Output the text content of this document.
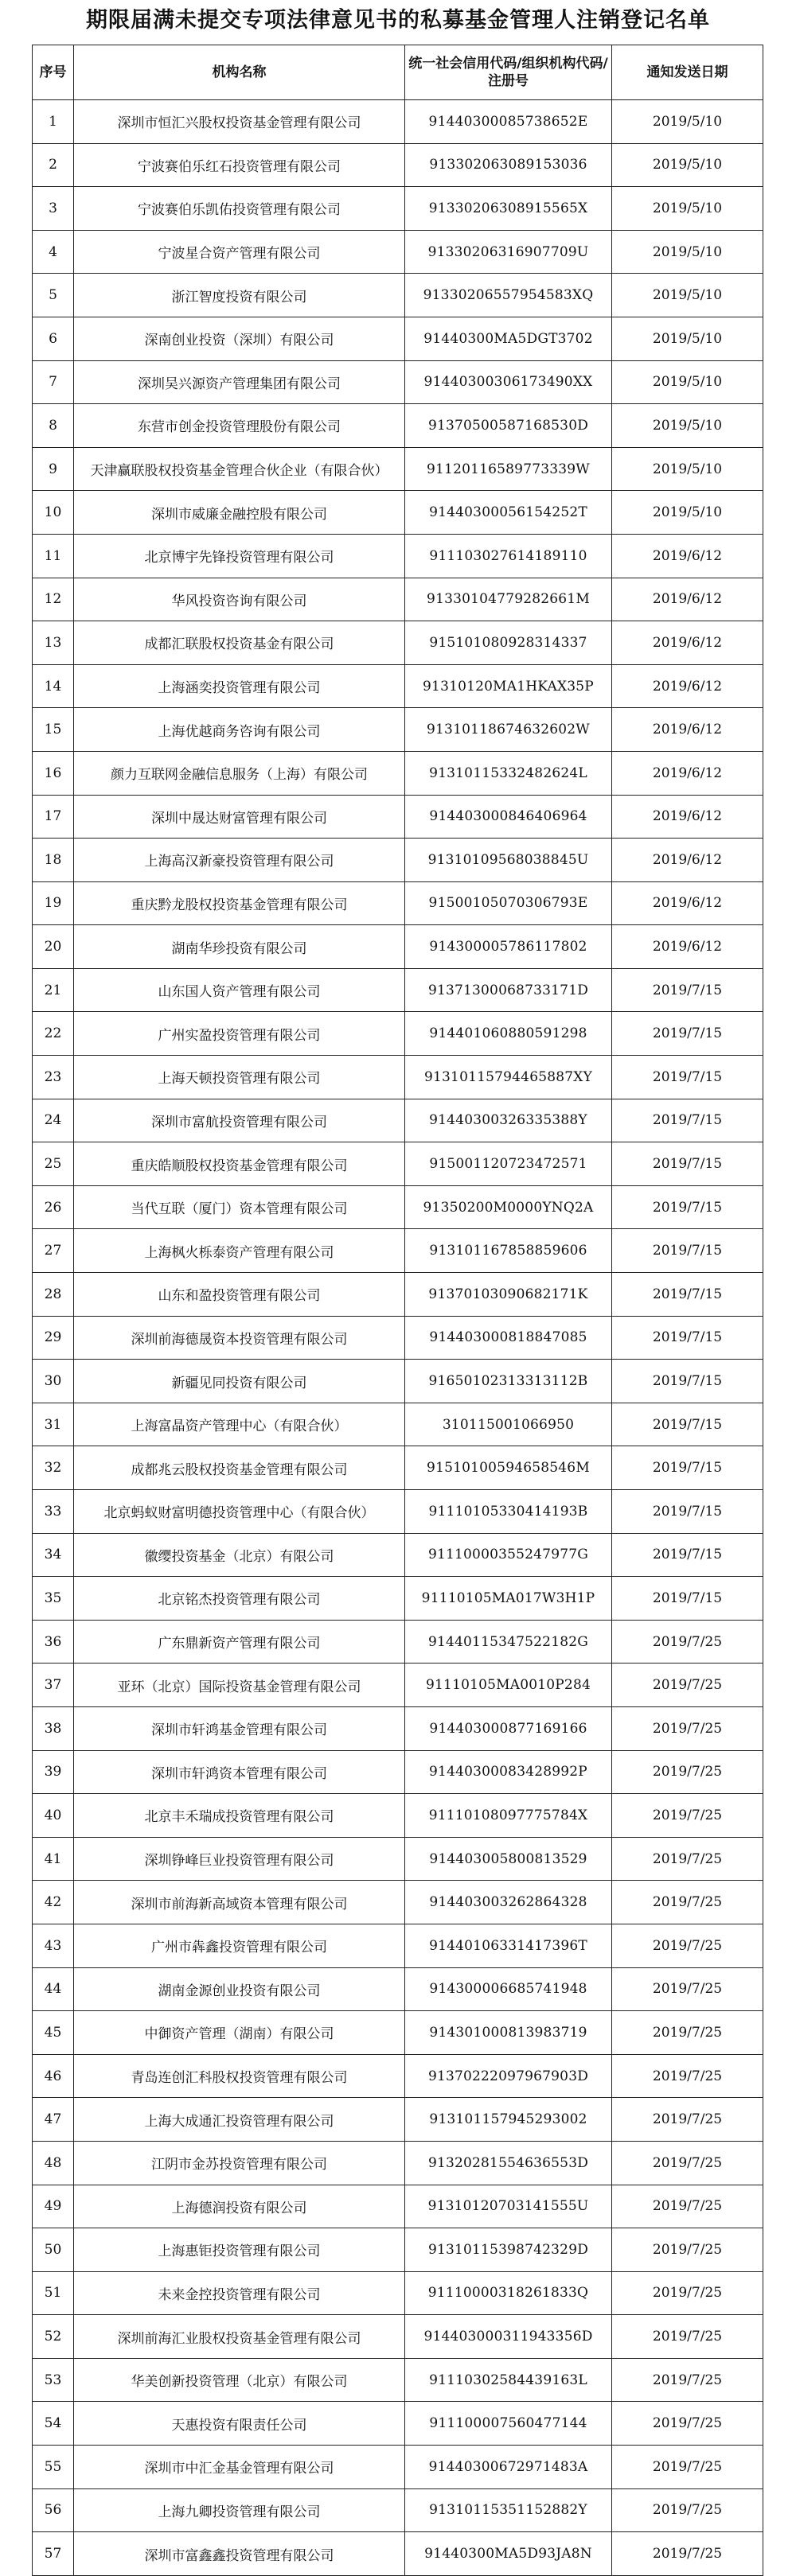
期限届满未提交专项法律意见书的私募基金管理人注销登记名单
序号	机构名称	统一社会信用代码/组织机构代码/注册号	通知发送日期
1	深圳市恒汇兴股权投资基金管理有限公司	91440300085738652E	2019/5/10
2	宁波赛伯乐红石投资管理有限公司	913302063089153036	2019/5/10
3	宁波赛伯乐凯佑投资管理有限公司	91330206308915565X	2019/5/10
4	宁波星合资产管理有限公司	91330206316907709U	2019/5/10
5	浙江智度投资有限公司	91330206557954583XQ	2019/5/10
6	深南创业投资（深圳）有限公司	91440300MA5DGT3702	2019/5/10
7	深圳吴兴源资产管理集团有限公司	91440300306173490XX	2019/5/10
8	东营市创金投资管理股份有限公司	91370500587168530D	2019/5/10
9	天津赢联股权投资基金管理合伙企业（有限合伙）	91120116589773339W	2019/5/10
10	深圳市威廉金融控股有限公司	91440300056154252T	2019/5/10
11	北京博宇先锋投资管理有限公司	911103027614189110	2019/6/12
12	华风投资咨询有限公司	91330104779282661M	2019/6/12
13	成都汇联股权投资基金有限公司	915101080928314337	2019/6/12
14	上海涵奕投资管理有限公司	91310120MA1HKAX35P	2019/6/12
15	上海优越商务咨询有限公司	91310118674632602W	2019/6/12
16	颜力互联网金融信息服务（上海）有限公司	91310115332482624L	2019/6/12
17	深圳中晟达财富管理有限公司	914403000846406964	2019/6/12
18	上海高汉新豪投资管理有限公司	91310109568038845U	2019/6/12
19	重庆黔龙股权投资基金管理有限公司	91500105070306793E	2019/6/12
20	湖南华珍投资有限公司	914300005786117802	2019/6/12
21	山东国人资产管理有限公司	91371300068733171D	2019/7/15
22	广州实盈投资管理有限公司	914401060880591298	2019/7/15
23	上海天顿投资管理有限公司	91310115794465887XY	2019/7/15
24	深圳市富航投资管理有限公司	91440300326335388Y	2019/7/15
25	重庆皓顺股权投资基金管理有限公司	915001120723472571	2019/7/15
26	当代互联（厦门）资本管理有限公司	91350200M0000YNQ2A	2019/7/15
27	上海枫火栎泰资产管理有限公司	913101167858859606	2019/7/15
28	山东和盈投资管理有限公司	91370103090682171K	2019/7/15
29	深圳前海德晟资本投资管理有限公司	914403000818847085	2019/7/15
30	新疆见同投资有限公司	91650102313313112B	2019/7/15
31	上海富晶资产管理中心（有限合伙）	310115001066950	2019/7/15
32	成都兆云股权投资基金管理有限公司	91510100594658546M	2019/7/15
33	北京蚂蚁财富明德投资管理中心（有限合伙）	91110105330414193B	2019/7/15
34	徽缨投资基金（北京）有限公司	91110000355247977G	2019/7/15
35	北京铭杰投资管理有限公司	91110105MA017W3H1P	2019/7/15
36	广东鼎新资产管理有限公司	91440115347522182G	2019/7/25
37	亚环（北京）国际投资基金管理有限公司	91110105MA0010P284	2019/7/25
38	深圳市轩鸿基金管理有限公司	914403000877169166	2019/7/25
39	深圳市轩鸿资本管理有限公司	91440300083428992P	2019/7/25
40	北京丰禾瑞成投资管理有限公司	91110108097775784X	2019/7/25
41	深圳铮峰巨业投资管理有限公司	914403005800813529	2019/7/25
42	深圳市前海新高域资本管理有限公司	914403003262864328	2019/7/25
43	广州市犇鑫投资管理有限公司	91440106331417396T	2019/7/25
44	湖南金源创业投资有限公司	914300006685741948	2019/7/25
45	中御资产管理（湖南）有限公司	914301000813983719	2019/7/25
46	青岛连创汇科股权投资管理有限公司	91370222097967903D	2019/7/25
47	上海大成通汇投资管理有限公司	913101157945293002	2019/7/25
48	江阴市金苏投资管理有限公司	91320281554636553D	2019/7/25
49	上海德润投资有限公司	91310120703141555U	2019/7/25
50	上海惠钜投资管理有限公司	91310115398742329D	2019/7/25
51	未来金控投资管理有限公司	91110000318261833Q	2019/7/25
52	深圳前海汇业股权投资基金管理有限公司	914403000311943356D	2019/7/25
53	华美创新投资管理（北京）有限公司	91110302584439163L	2019/7/25
54	天惠投资有限责任公司	911100007560477144	2019/7/25
55	深圳市中汇金基金管理有限公司	91440300672971483A	2019/7/25
56	上海九卿投资管理有限公司	91310115351152882Y	2019/7/25
57	深圳市富鑫鑫投资管理有限公司	91440300MA5D93JA8N	2019/7/25
